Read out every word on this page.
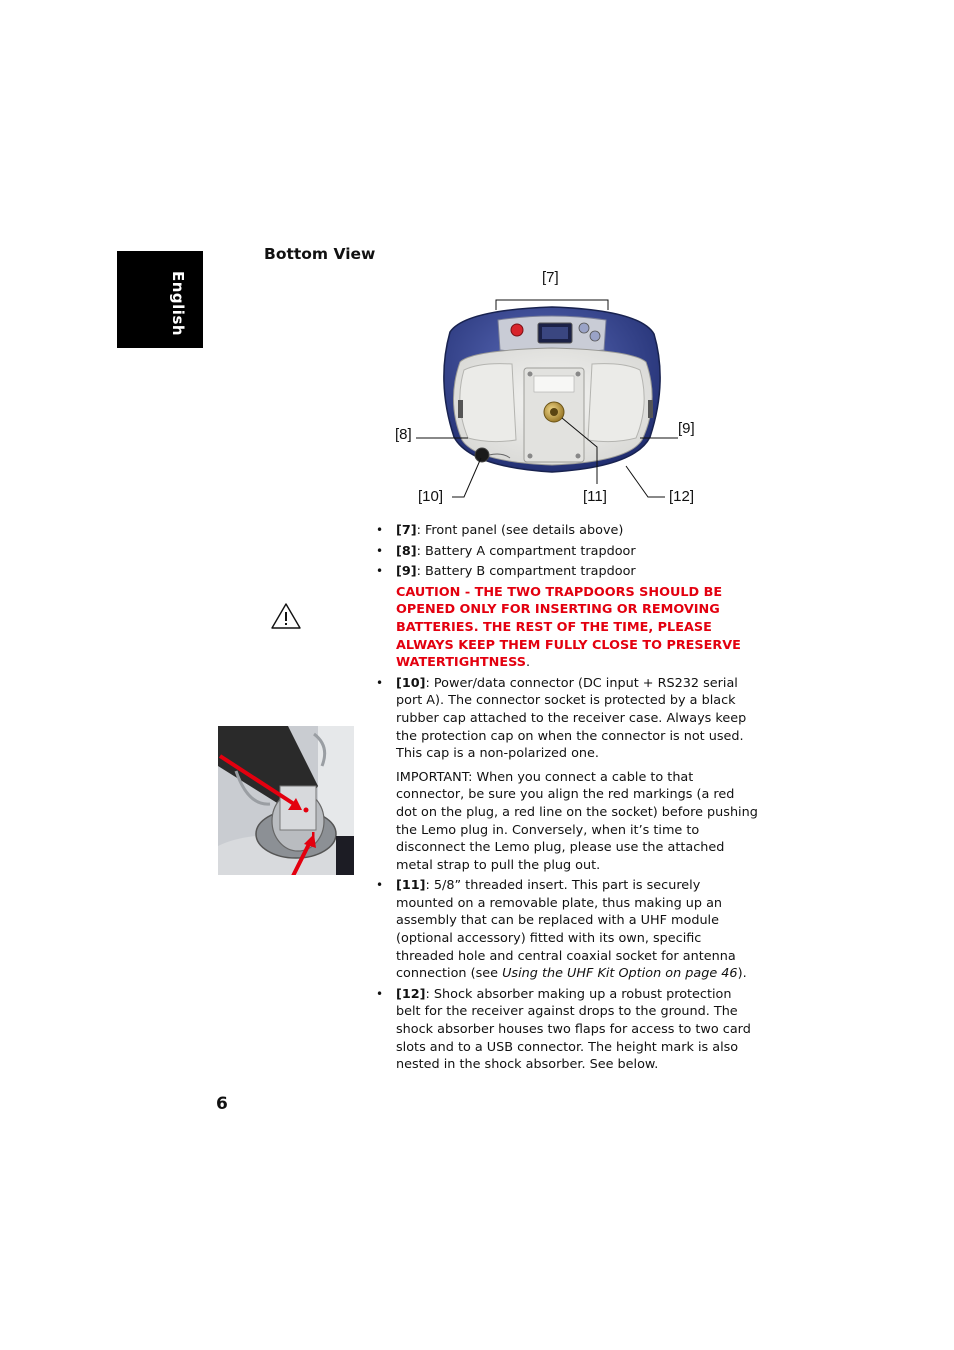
English
Bottom View
[7]
[8]	[9]
[10]	[11]	[12]
• [7]: Front panel (see details above)
• [8]: Battery A compartment trapdoor
• [9]: Battery B compartment trapdoor

CAUTION - THE TWO TRAPDOORS SHOULD BE OPENED ONLY FOR INSERTING OR REMOVING BATTERIES. THE REST OF THE TIME, PLEASE ALWAYS KEEP THEM FULLY CLOSE TO PRESERVE WATERTIGHTNESS.

• [10]: Power/data connector (DC input + RS232 serial port A). The connector socket is protected by a black rubber cap attached to the receiver case. Always keep the protection cap on when the connector is not used. This cap is a non-polarized one.

IMPORTANT: When you connect a cable to that connector, be sure you align the red markings (a red dot on the plug, a red line on the socket) before pushing the Lemo plug in. Conversely, when it’s time to disconnect the Lemo plug, please use the attached metal strap to pull the plug out.

• [11]: 5/8” threaded insert. This part is securely mounted on a removable plate, thus making up an assembly that can be replaced with a UHF module (optional accessory) fitted with its own, specific threaded hole and central coaxial socket for antenna connection (see Using the UHF Kit Option on page 46).
• [12]: Shock absorber making up a robust protection belt for the receiver against drops to the ground. The shock absorber houses two flaps for access to two card slots and to a USB connector. The height mark is also nested in the shock absorber. See below.
6
